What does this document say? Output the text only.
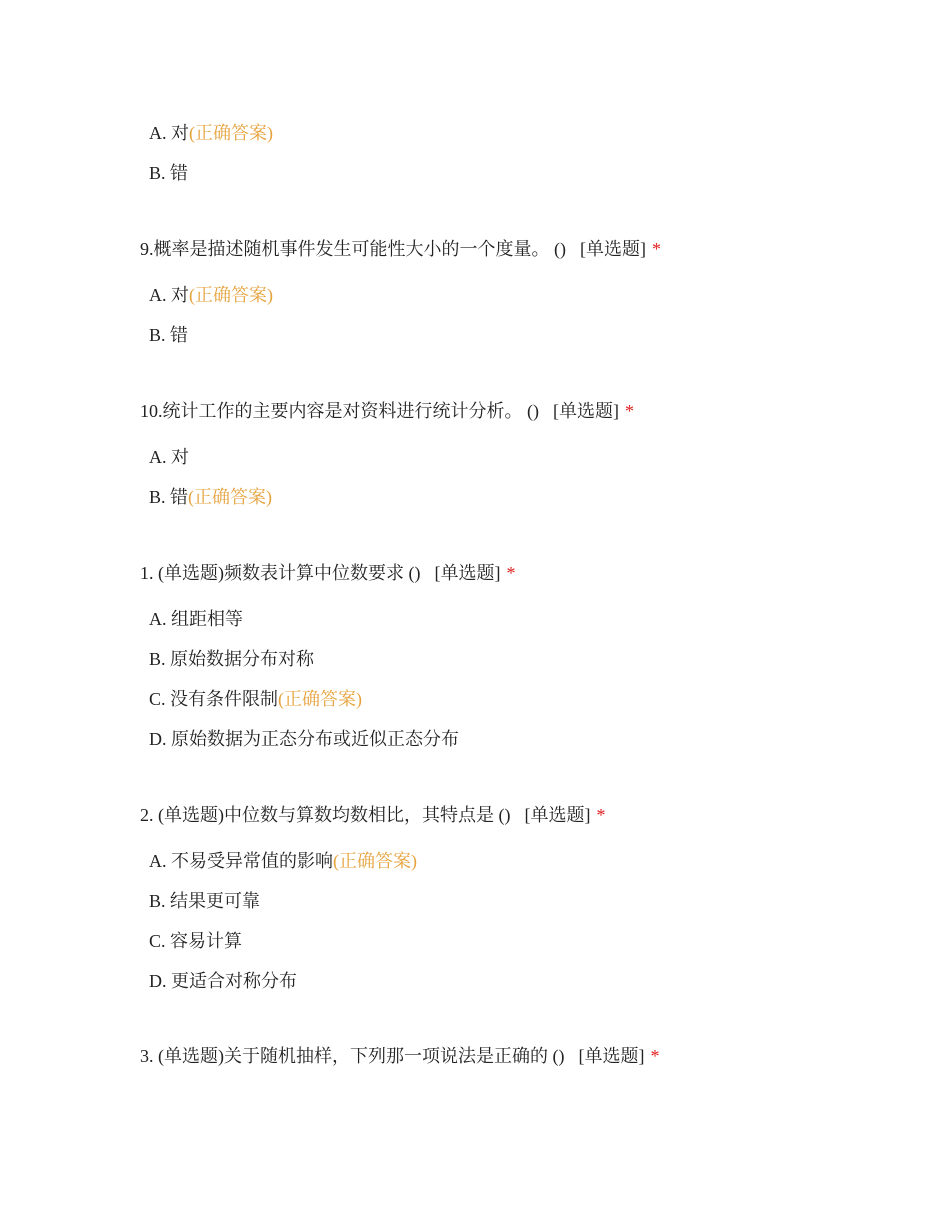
A. 对(正确答案)
B. 错
9.概率是描述随机事件发生可能性大小的一个度量。 () [单选题] *
A. 对(正确答案)
B. 错
10.统计工作的主要内容是对资料进行统计分析。 () [单选题] *
A. 对
B. 错(正确答案)
1. (单选题)频数表计算中位数要求 () [单选题] *
A. 组距相等
B. 原始数据分布对称
C. 没有条件限制(正确答案)
D. 原始数据为正态分布或近似正态分布
2. (单选题)中位数与算数均数相比，其特点是 () [单选题] *
A. 不易受异常值的影响(正确答案)
B. 结果更可靠
C. 容易计算
D. 更适合对称分布
3. (单选题)关于随机抽样，下列那一项说法是正确的 () [单选题] *
